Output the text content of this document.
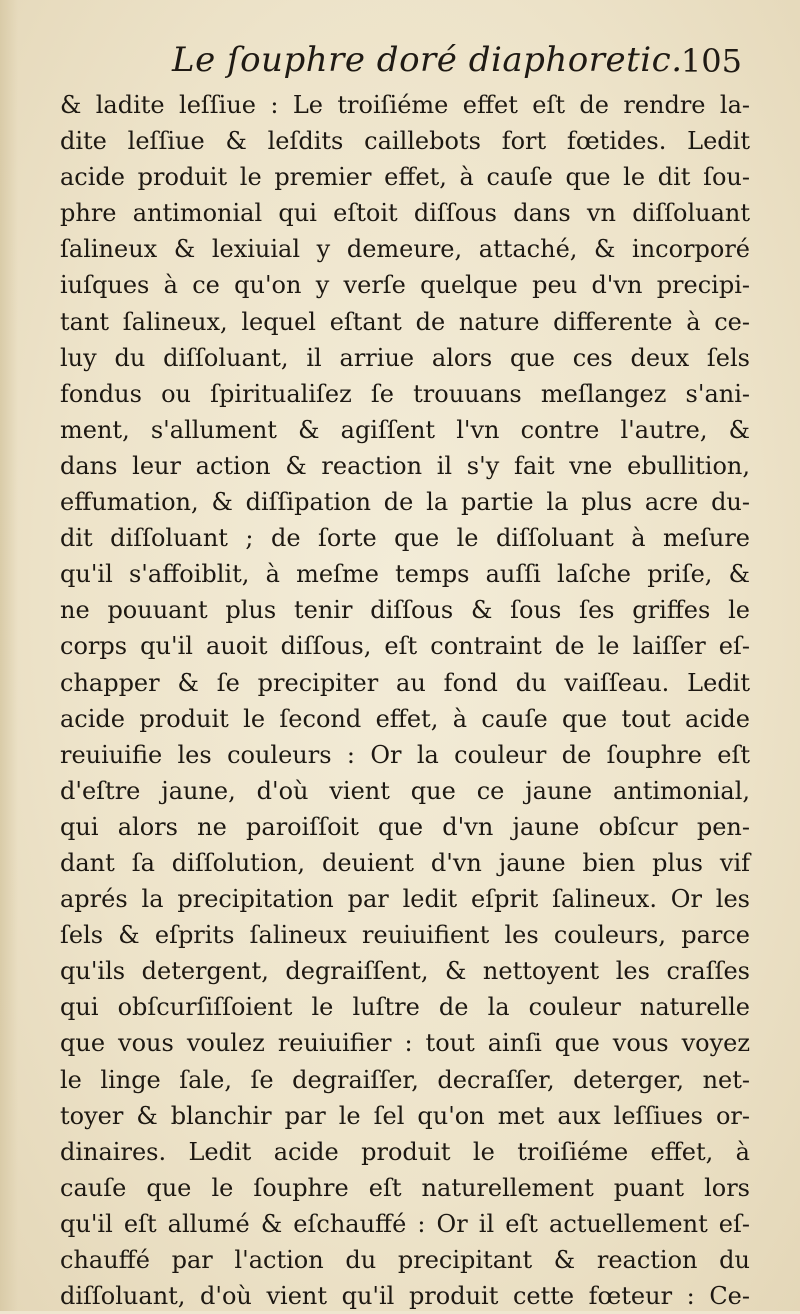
Le ſouphre doré diaphoretic.
105
& ladite leſſiue : Le troiſiéme effet eſt de rendre la-
dite leſſiue & leſdits caillebots fort fœtides. Ledit
acide produit le premier effet, à cauſe que le dit ſou-
phre antimonial qui eſtoit diſſous dans vn diſſoluant
ſalineux & lexiuial y demeure, attaché, & incorporé
iuſques à ce qu'on y verſe quelque peu d'vn precipi-
tant ſalineux, lequel eſtant de nature differente à ce-
luy du diſſoluant, il arriue alors que ces deux ſels
fondus ou ſpiritualiſez ſe trouuans meſlangez s'ani-
ment, s'allument & agiſſent l'vn contre l'autre, &
dans leur action & reaction il s'y fait vne ebullition,
effumation, & diſſipation de la partie la plus acre du-
dit diſſoluant ; de ſorte que le diſſoluant à meſure
qu'il s'affoiblit, à meſme temps auſſi laſche priſe, &
ne pouuant plus tenir diſſous & ſous ſes griffes le
corps qu'il auoit diſſous, eſt contraint de le laiſſer eſ-
chapper & ſe precipiter au fond du vaiſſeau. Ledit
acide produit le ſecond effet, à cauſe que tout acide
reuiuifie les couleurs : Or la couleur de ſouphre eſt
d'eſtre jaune, d'où vient que ce jaune antimonial,
qui alors ne paroiſſoit que d'vn jaune obſcur pen-
dant ſa diſſolution, deuient d'vn jaune bien plus vif
aprés la precipitation par ledit eſprit ſalineux. Or les
ſels & eſprits ſalineux reuiuifient les couleurs, parce
qu'ils detergent, degraiſſent, & nettoyent les craſſes
qui obſcurſiſſoient le luſtre de la couleur naturelle
que vous voulez reuiuifier : tout ainſi que vous voyez
le linge ſale, ſe degraiſſer, decraſſer, deterger, net-
toyer & blanchir par le ſel qu'on met aux leſſiues or-
dinaires. Ledit acide produit le troiſiéme effet, à
cauſe que le ſouphre eſt naturellement puant lors
qu'il eſt allumé & eſchauffé : Or il eſt actuellement eſ-
chauffé par l'action du precipitant & reaction du
diſſoluant, d'où vient qu'il produit cette fœteur : Ce-
